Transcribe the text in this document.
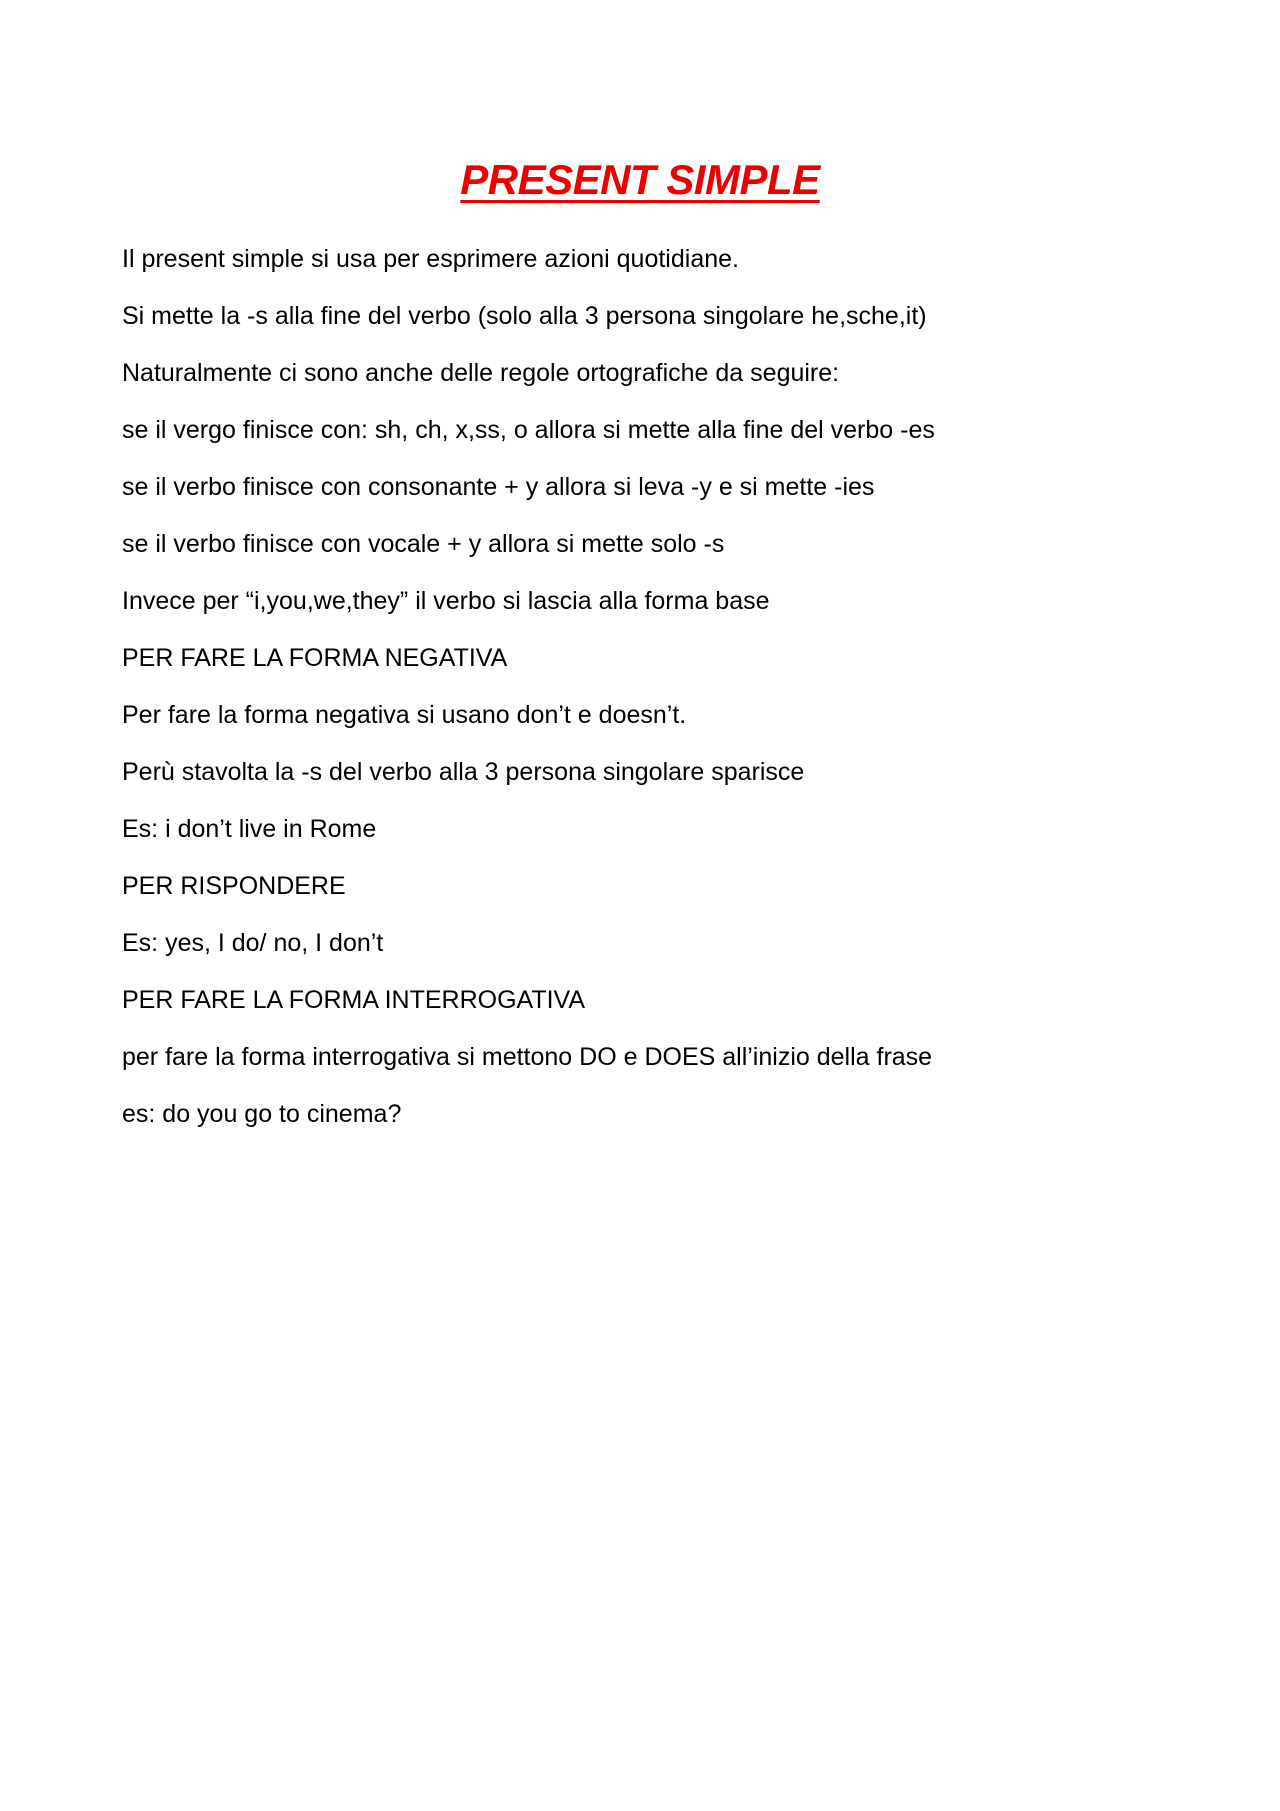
PRESENT SIMPLE
Il present simple si usa per esprimere azioni quotidiane.
Si mette la -s alla fine del verbo (solo alla 3 persona singolare he,sche,it)
Naturalmente ci sono anche delle regole ortografiche da seguire:
se il vergo finisce con: sh, ch, x,ss, o allora si mette alla fine del verbo -es
se il verbo finisce con consonante + y allora si leva -y e si mette -ies
se il verbo finisce con vocale + y allora si mette solo -s
Invece per “i,you,we,they” il verbo si lascia alla forma base
PER FARE LA FORMA NEGATIVA
Per fare la forma negativa si usano don’t e doesn’t.
Perù stavolta la -s del verbo alla 3 persona singolare sparisce
Es: i don’t live in Rome
PER RISPONDERE
Es: yes, I do/ no, I don’t
PER FARE LA FORMA INTERROGATIVA
per fare la forma interrogativa si mettono DO e DOES all’inizio della frase
es: do you go to cinema?
